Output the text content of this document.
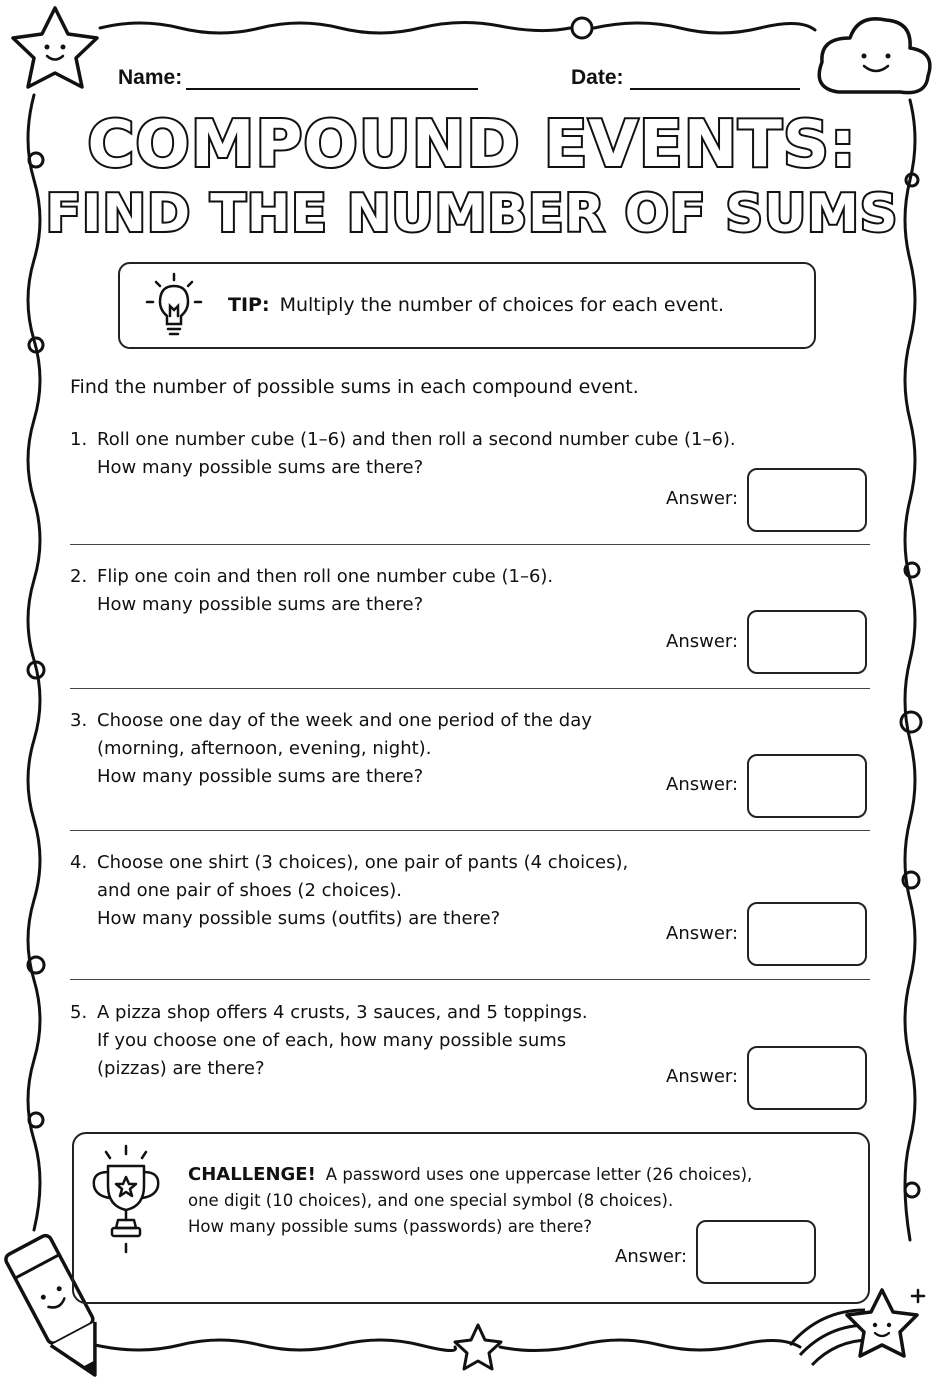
Name:	Date:
COMPOUND EVENTS:
FIND THE NUMBER OF SUMS
TIP: Multiply the number of choices for each event.
Find the number of possible sums in each compound event.
1. Roll one number cube (1–6) and then roll a second number cube (1–6).
How many possible sums are there?
Answer:
2. Flip one coin and then roll one number cube (1–6).
How many possible sums are there?
Answer:
3. Choose one day of the week and one period of the day
(morning, afternoon, evening, night).
How many possible sums are there?	Answer:
4. Choose one shirt (3 choices), one pair of pants (4 choices),
and one pair of shoes (2 choices).
How many possible sums (outfits) are there?
Answer:
5. A pizza shop offers 4 crusts, 3 sauces, and 5 toppings.
If you choose one of each, how many possible sums
(pizzas) are there?	Answer:
CHALLENGE! A password uses one uppercase letter (26 choices),
one digit (10 choices), and one special symbol (8 choices).
How many possible sums (passwords) are there?
Answer:
